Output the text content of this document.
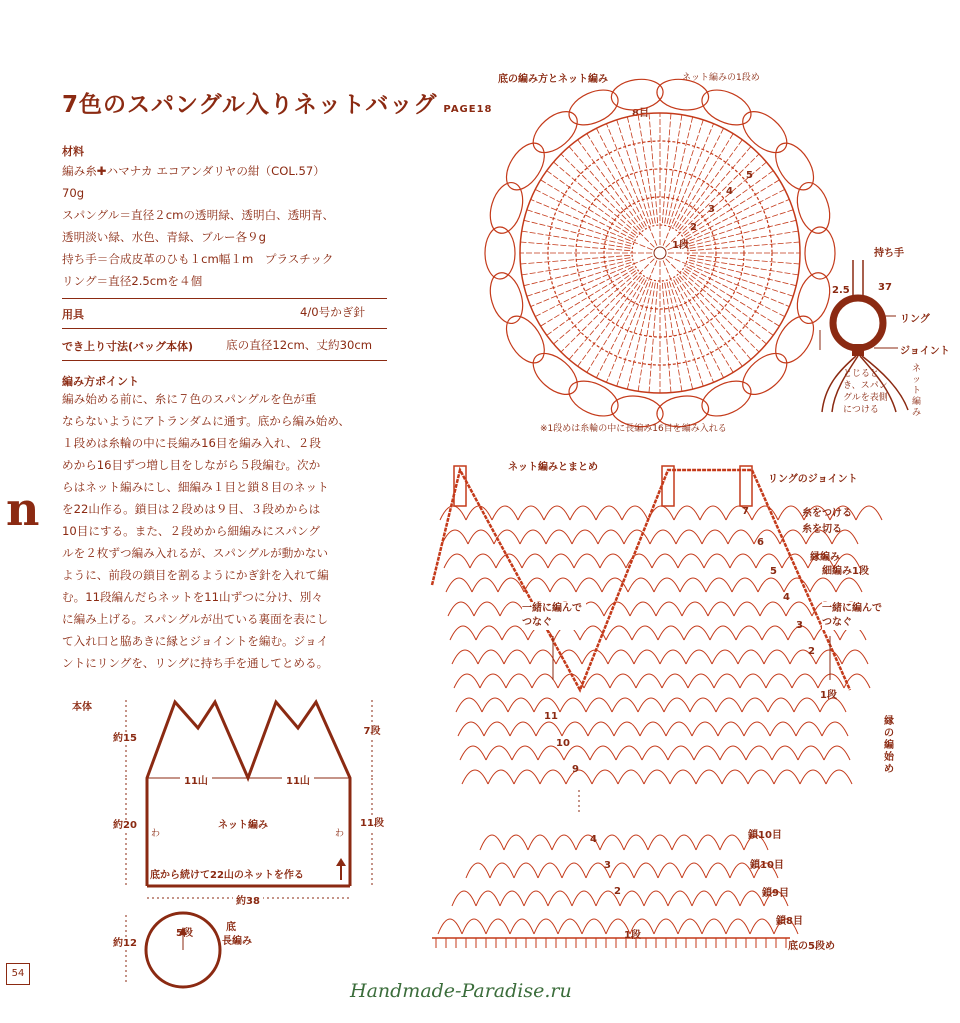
7色のスパングル入りネットバッグ PAGE18
材料
編み糸✚ハマナカ エコアンダリヤの紺（COL.57）
70g
スパングル＝直径２cmの透明緑、透明白、透明青、
透明淡い緑、水色、青緑、ブルー各９g
持ち手＝合成皮革のひも１cm幅１m　プラスチック
リング＝直径2.5cmを４個
用具	4/0号かぎ針
でき上り寸法(バッグ本体)	底の直径12cm、丈約30cm
編み方ポイント
編み始める前に、糸に７色のスパングルを色が重
ならないようにアトランダムに通す。底から編み始め、
１段めは糸輪の中に長編み16目を編み入れ、２段
めから16目ずつ増し目をしながら５段編む。次か
らはネット編みにし、細編み１目と鎖８目のネット
を22山作る。鎖目は２段めは９目、３段めからは
10目にする。また、２段めから細編みにスパング
ルを２枚ずつ編み入れるが、スパングルが動かない
ように、前段の鎖目を割るようにかぎ針を入れて編
む。11段編んだらネットを11山ずつに分け、別々
に編み上げる。スパングルが出ている裏面を表にし
て入れ口と脇あきに縁とジョイントを編む。ジョイ
ントにリングを、リングに持ち手を通してとめる。
n
54
本体
11山	11山
ネット編み
わ	わ
底から続けて22山のネットを作る
約38
約15
約20
7段
11段
5段
底
長編み
約12
底の編み方とネット編み	ネット編みの1段め
8目
1段
2
3
4
5
※1段めは糸輪の中に長編み16目を編み入れる
持ち手
37
2.5
リング
ジョイント
とじるとき、スパングルを表側につける
ネット編み
ネット編みとまとめ
リングのジョイント
糸をつける
糸を切る
縁編み
細編み1段
一緒に編んでつなぐ
一緒に編んでつなぐ
縁の編始め
11
10
9
7
6
5
4
3
2
1段
鎖10目
鎖10目
鎖9目
鎖8目
底の5段め
4
3
2
1段
Handmade-Paradise.ru
